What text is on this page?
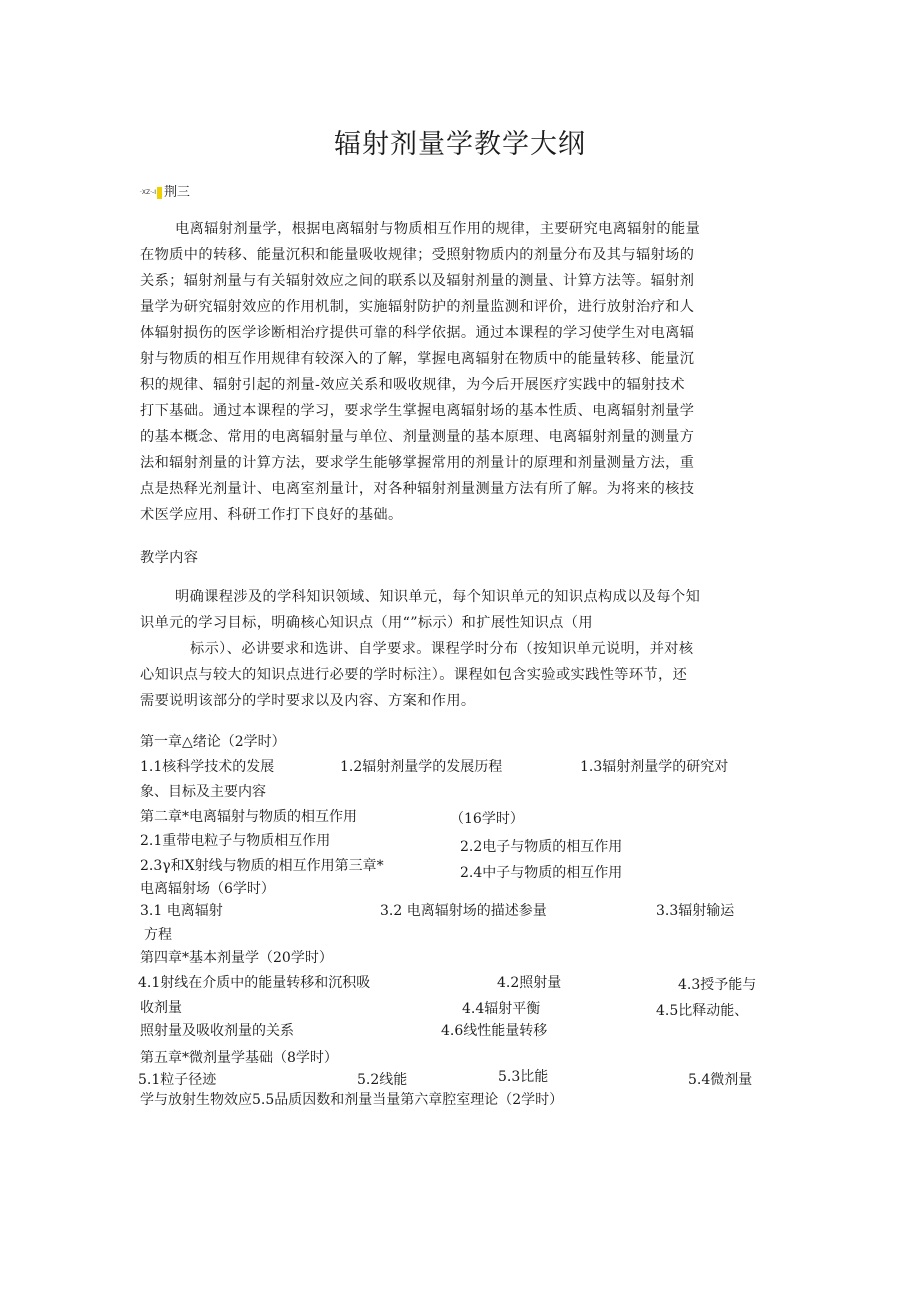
辐射剂量学教学大纲
·XZ·-I 荆三
电离辐射剂量学，根据电离辐射与物质相互作用的规律，主要研究电离辐射的能量
在物质中的转移、能量沉积和能量吸收规律；受照射物质内的剂量分布及其与辐射场的
关系；辐射剂量与有关辐射效应之间的联系以及辐射剂量的测量、计算方法等。辐射剂
量学为研究辐射效应的作用机制，实施辐射防护的剂量监测和评价，进行放射治疗和人
体辐射损伤的医学诊断相治疗提供可靠的科学依据。通过本课程的学习使学生对电离辐
射与物质的相互作用规律有较深入的了解，掌握电离辐射在物质中的能量转移、能量沉
积的规律、辐射引起的剂量-效应关系和吸收规律，为今后开展医疗实践中的辐射技术
打下基础。通过本课程的学习，要求学生掌握电离辐射场的基本性质、电离辐射剂量学
的基本概念、常用的电离辐射量与单位、剂量测量的基本原理、电离辐射剂量的测量方
法和辐射剂量的计算方法，要求学生能够掌握常用的剂量计的原理和剂量测量方法，重
点是热释光剂量计、电离室剂量计，对各种辐射剂量测量方法有所了解。为将来的核技
术医学应用、科研工作打下良好的基础。
教学内容
明确课程涉及的学科知识领域、知识单元，每个知识单元的知识点构成以及每个知
识单元的学习目标，明确核心知识点（用“”标示）和扩展性知识点（用
标示）、必讲要求和选讲、自学要求。课程学时分布（按知识单元说明，并对核
心知识点与较大的知识点进行必要的学时标注）。课程如包含实验或实践性等环节，还
需要说明该部分的学时要求以及内容、方案和作用。
第一章△绪论（2学时）
1.1核科学技术的发展	1.2辐射剂量学的发展历程	1.3辐射剂量学的研究对
象、目标及主要内容
第二章*电离辐射与物质的相互作用	（16学时）
2.1重带电粒子与物质相互作用	2.2电子与物质的相互作用
2.3γ和X射线与物质的相互作用第三章*	2.4中子与物质的相互作用
电离辐射场（6学时）
3.1 电离辐射	3.2 电离辐射场的描述参量	3.3辐射输运
方程
第四章*基本剂量学（20学时）
4.1射线在介质中的能量转移和沉积吸	4.2照射量	4.3授予能与
收剂量	4.4辐射平衡	4.5比释动能、
照射量及吸收剂量的关系	4.6线性能量转移
第五章*微剂量学基础（8学时）
5.1粒子径迹	5.2线能	5.3比能	5.4微剂量
学与放射生物效应5.5品质因数和剂量当量第六章腔室理论（2学时）
